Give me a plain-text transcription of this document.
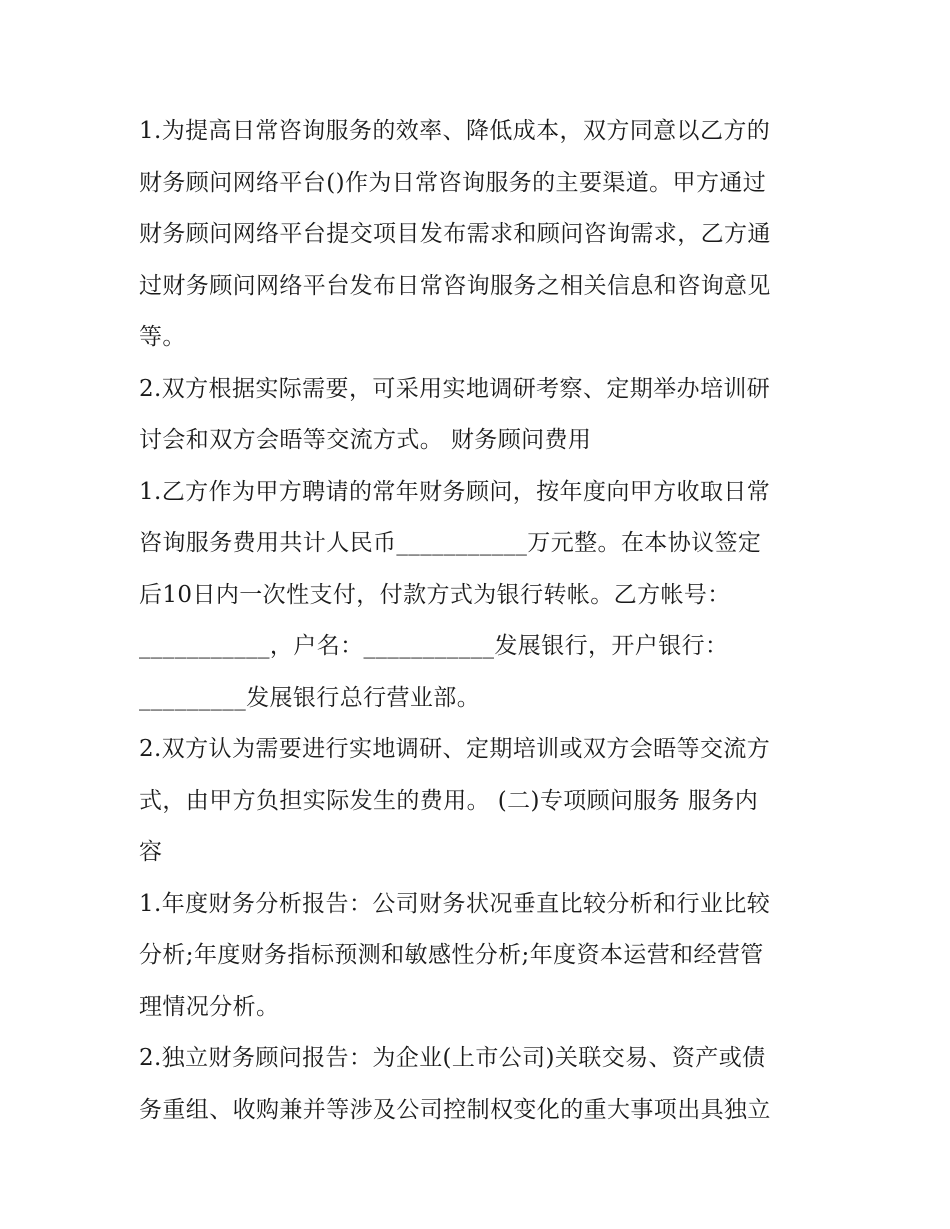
1.为提高日常咨询服务的效率、降低成本，双方同意以乙方的
财务顾问网络平台()作为日常咨询服务的主要渠道。甲方通过
财务顾问网络平台提交项目发布需求和顾问咨询需求，乙方通
过财务顾问网络平台发布日常咨询服务之相关信息和咨询意见
等。
2.双方根据实际需要，可采用实地调研考察、定期举办培训研
讨会和双方会晤等交流方式。 财务顾问费用
1.乙方作为甲方聘请的常年财务顾问，按年度向甲方收取日常
咨询服务费用共计人民币___________万元整。在本协议签定
后10日内一次性支付，付款方式为银行转帐。乙方帐号：
___________，户名：___________发展银行，开户银行：
_________发展银行总行营业部。
2.双方认为需要进行实地调研、定期培训或双方会晤等交流方
式，由甲方负担实际发生的费用。 (二)专项顾问服务 服务内
容
1.年度财务分析报告：公司财务状况垂直比较分析和行业比较
分析;年度财务指标预测和敏感性分析;年度资本运营和经营管
理情况分析。
2.独立财务顾问报告：为企业(上市公司)关联交易、资产或债
务重组、收购兼并等涉及公司控制权变化的重大事项出具独立
